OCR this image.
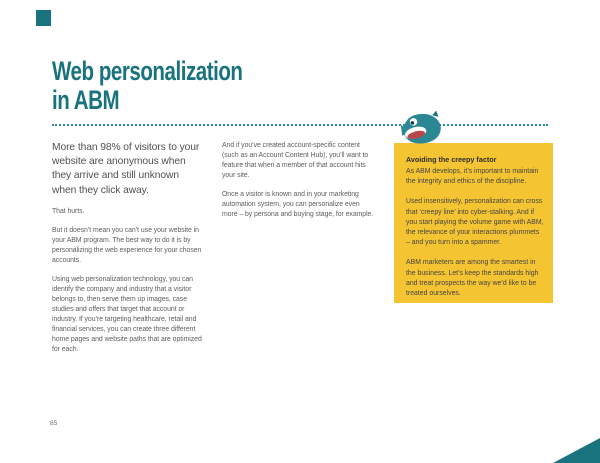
Web personalization
in ABM

More than 98% of visitors to your website are anonymous when they arrive and still unknown when they click away.

That hurts.

But it doesn’t mean you can’t use your website in your ABM program. The best way to do it is by personalizing the web experience for your chosen accounts.

Using web personalization technology, you can identify the company and industry that a visitor belongs to, then serve them up images, case studies and offers that target that account or industry. If you’re targeting healthcare, retail and financial services, you can create three different home pages and website paths that are optimized for each.

And if you’ve created account-specific content (such as an Account Content Hub), you’ll want to feature that when a member of that account hits your site.

Once a visitor is known and in your marketing automation system, you can personalize even more – by persona and buying stage, for example.

Avoiding the creepy factor

As ABM develops, it’s important to maintain the integrity and ethics of the discipline.

Used insensitively, personalization can cross that ‘creepy line’ into cyber-stalking. And if you start playing the volume game with ABM, the relevance of your interactions plummets – and you turn into a spammer.

ABM marketers are among the smartest in the business. Let’s keep the standards high and treat prospects the way we’d like to be treated ourselves.

85
